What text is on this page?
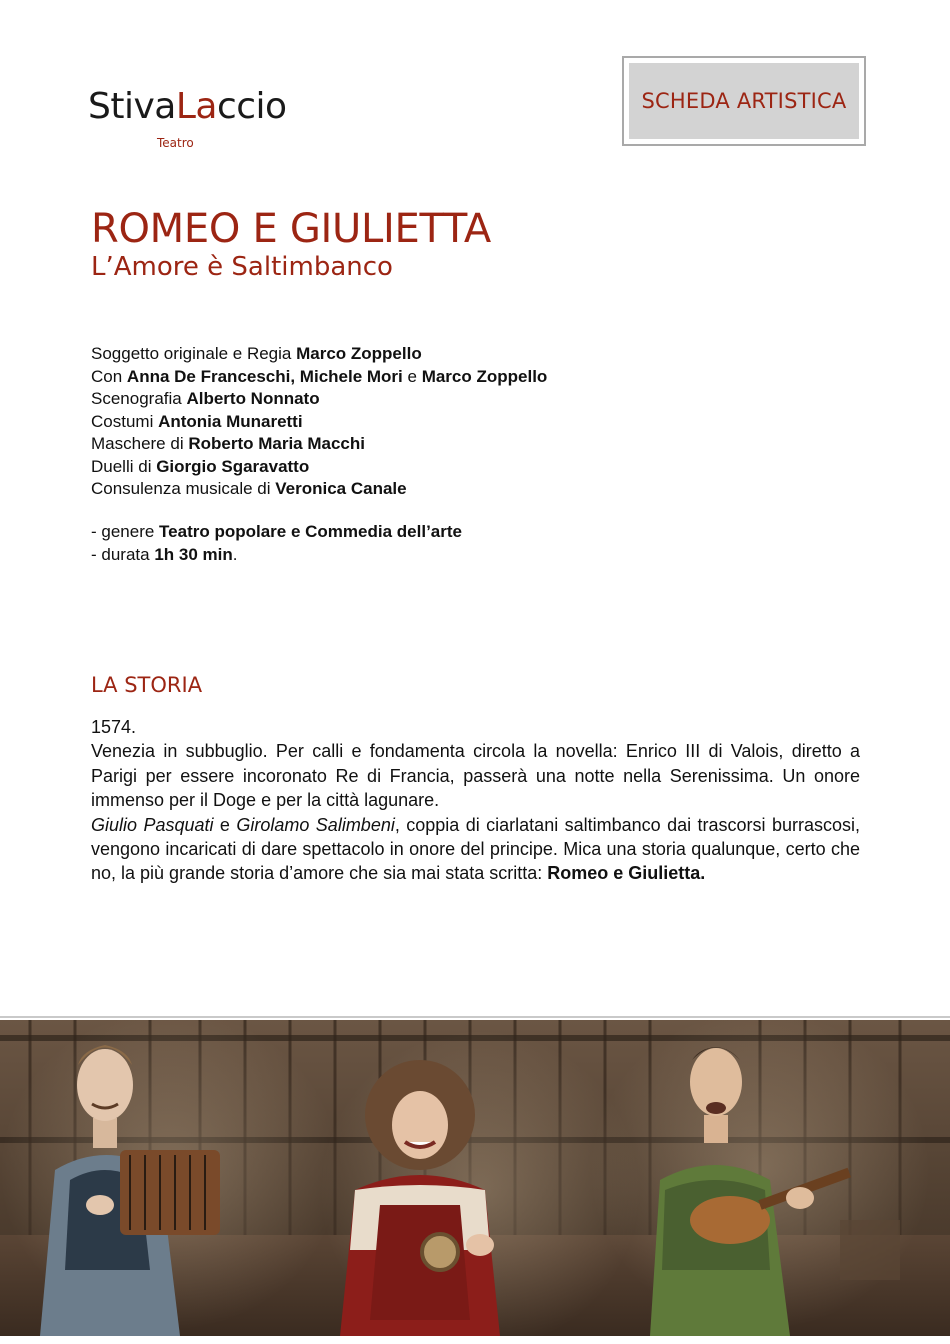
StivaLaccio
Teatro
SCHEDA ARTISTICA
ROMEO E GIULIETTA
L’Amore è Saltimbanco
Soggetto originale e Regia Marco Zoppello
Con Anna De Franceschi, Michele Mori e Marco Zoppello
Scenografia Alberto Nonnato
Costumi Antonia Munaretti
Maschere di Roberto Maria Macchi
Duelli di Giorgio Sgaravatto
Consulenza musicale di Veronica Canale
- genere Teatro popolare e Commedia dell’arte
- durata 1h 30 min.
LA STORIA

1574.

Venezia in subbuglio. Per calli e fondamenta circola la novella: Enrico III di Valois, diretto a Parigi per essere incoronato Re di Francia, passerà una notte nella Serenissima. Un onore immenso per il Doge e per la città lagunare.

Giulio Pasquati e Girolamo Salimbeni, coppia di ciarlatani saltimbanco dai trascorsi burrascosi, vengono incaricati di dare spettacolo in onore del principe. Mica una storia qualunque, certo che no, la più grande storia d’amore che sia mai stata scritta: Romeo e Giulietta.
